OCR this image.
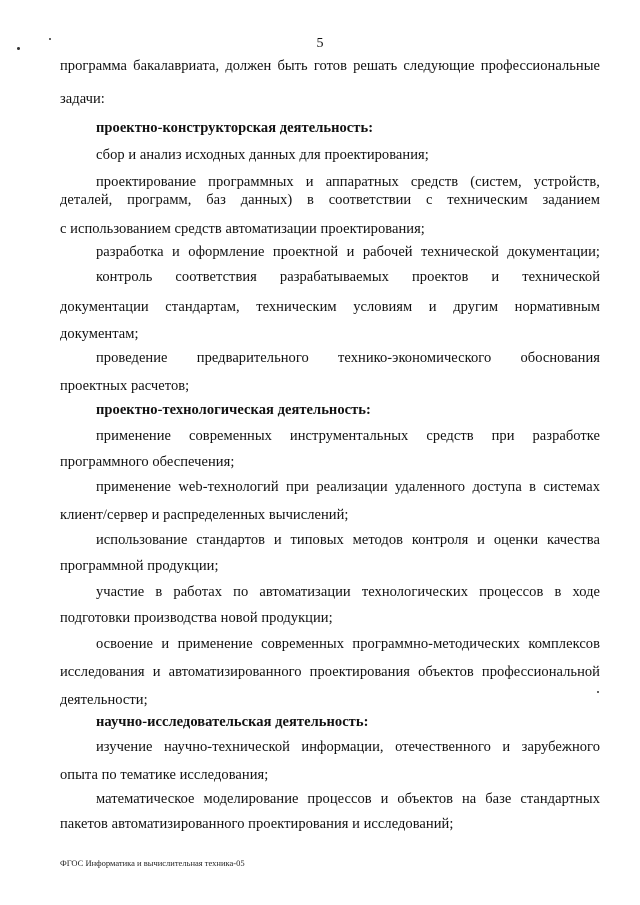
5
программа бакалавриата, должен быть готов решать следующие профессиональные
задачи:
проектно-конструкторская деятельность:
сбор и анализ исходных данных для проектирования;
проектирование программных и аппаратных средств (систем, устройств,
деталей, программ, баз данных) в соответствии с техническим заданием
с использованием средств автоматизации проектирования;
разработка и оформление проектной и рабочей технической документации;
контроль соответствия разрабатываемых проектов и технической
документации стандартам, техническим условиям и другим нормативным
документам;
проведение предварительного технико-экономического обоснования
проектных расчетов;
проектно-технологическая деятельность:
применение современных инструментальных средств при разработке
программного обеспечения;
применение web-технологий при реализации удаленного доступа в системах
клиент/сервер и распределенных вычислений;
использование стандартов и типовых методов контроля и оценки качества
программной продукции;
участие в работах по автоматизации технологических процессов в ходе
подготовки производства новой продукции;
освоение и применение современных программно-методических комплексов
исследования и автоматизированного проектирования объектов профессиональной
деятельности;
научно-исследовательская деятельность:
изучение научно-технической информации, отечественного и зарубежного
опыта по тематике исследования;
математическое моделирование процессов и объектов на базе стандартных
пакетов автоматизированного проектирования и исследований;
ФГОС Информатика и вычислительная техника-05
